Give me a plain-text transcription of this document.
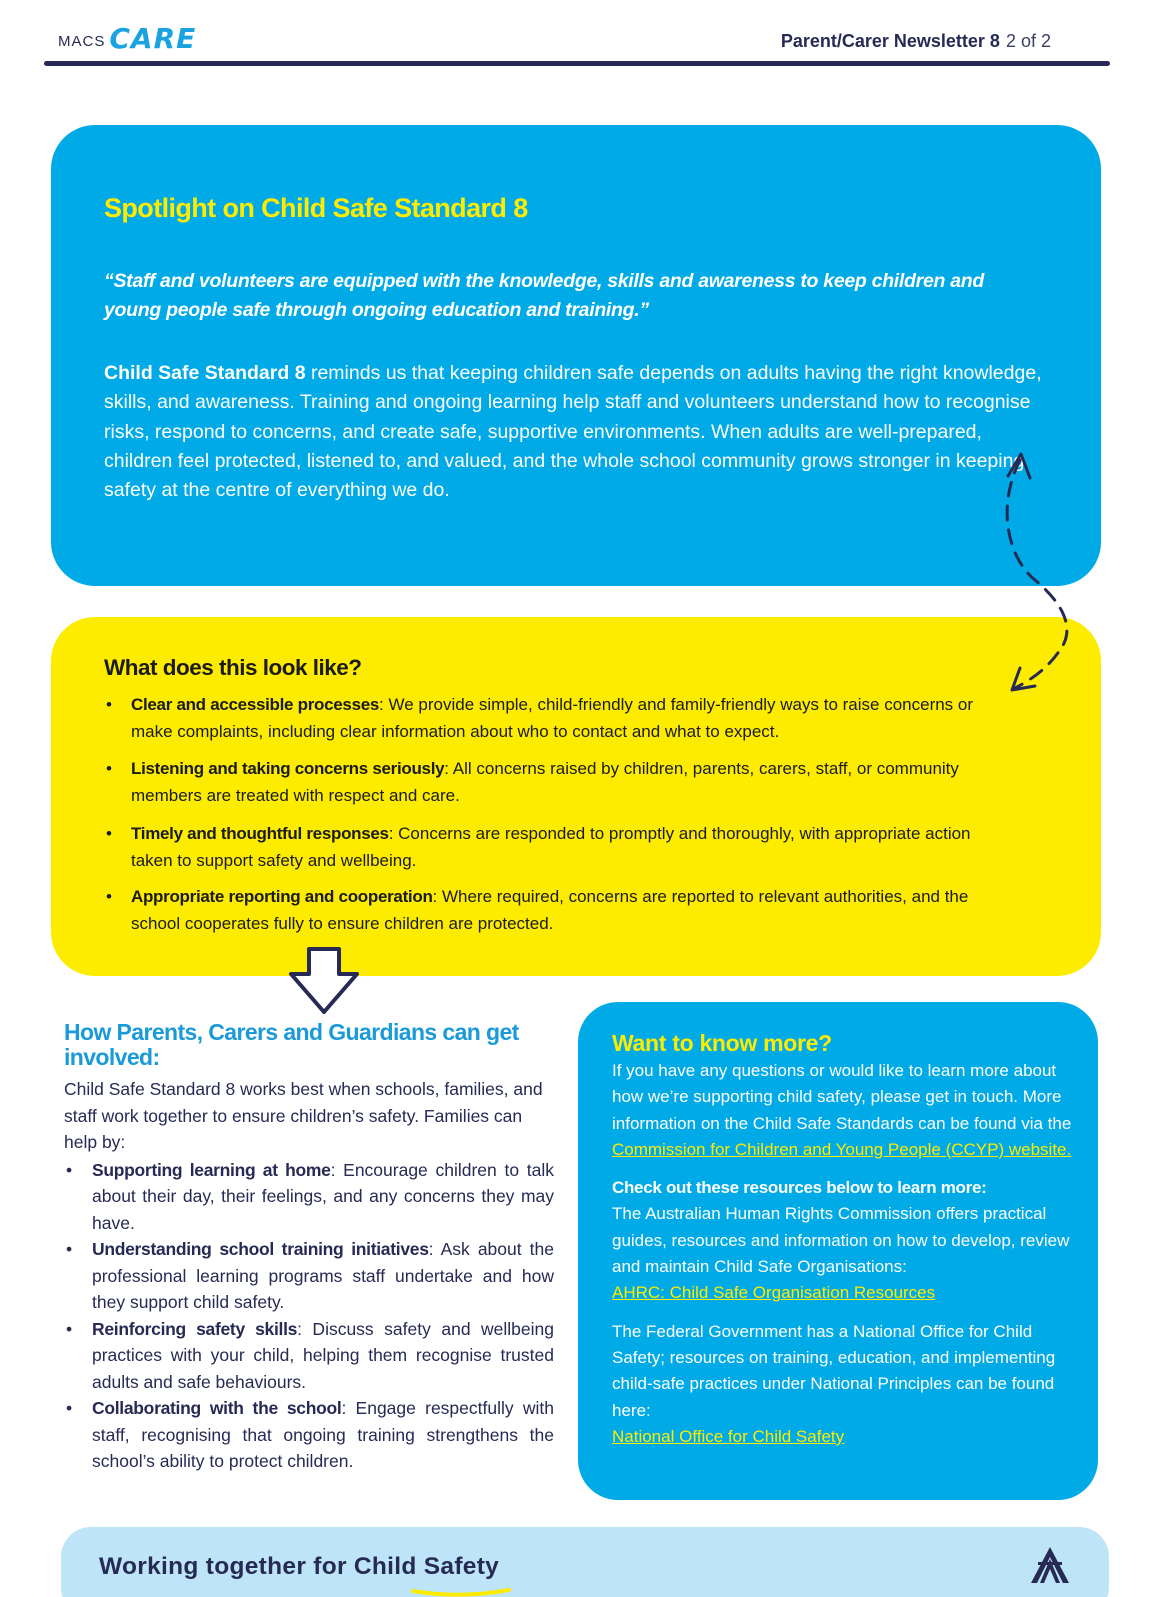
MACS CARE	Parent/Carer Newsletter 8 2 of 2
Spotlight on Child Safe Standard 8

“Staff and volunteers are equipped with the knowledge, skills and awareness to keep children and young people safe through ongoing education and training.”

Child Safe Standard 8 reminds us that keeping children safe depends on adults having the right knowledge, skills, and awareness. Training and ongoing learning help staff and volunteers understand how to recognise risks, respond to concerns, and create safe, supportive environments. When adults are well-prepared, children feel protected, listened to, and valued, and the whole school community grows stronger in keeping safety at the centre of everything we do.

What does this look like?
• Clear and accessible processes: We provide simple, child-friendly and family-friendly ways to raise concerns or make complaints, including clear information about who to contact and what to expect.
• Listening and taking concerns seriously: All concerns raised by children, parents, carers, staff, or community members are treated with respect and care.
• Timely and thoughtful responses: Concerns are responded to promptly and thoroughly, with appropriate action taken to support safety and wellbeing.
• Appropriate reporting and cooperation: Where required, concerns are reported to relevant authorities, and the school cooperates fully to ensure children are protected.
How Parents, Carers and Guardians can get involved:

Child Safe Standard 8 works best when schools, families, and staff work together to ensure children’s safety. Families can help by:

• Supporting learning at home: Encourage children to talk about their day, their feelings, and any concerns they may have.
• Understanding school training initiatives: Ask about the professional learning programs staff undertake and how they support child safety.
• Reinforcing safety skills: Discuss safety and wellbeing practices with your child, helping them recognise trusted adults and safe behaviours.
• Collaborating with the school: Engage respectfully with staff, recognising that ongoing training strengthens the school’s ability to protect children.
Want to know more?

If you have any questions or would like to learn more about how we’re supporting child safety, please get in touch. More information on the Child Safe Standards can be found via the Commission for Children and Young People (CCYP) website.

Check out these resources below to learn more:

The Australian Human Rights Commission offers practical guides, resources and information on how to develop, review and maintain Child Safe Organisations:

AHRC: Child Safe Organisation Resources

The Federal Government has a National Office for Child Safety; resources on training, education, and implementing child-safe practices under National Principles can be found here:

National Office for Child Safety

Working together for Child Safety
